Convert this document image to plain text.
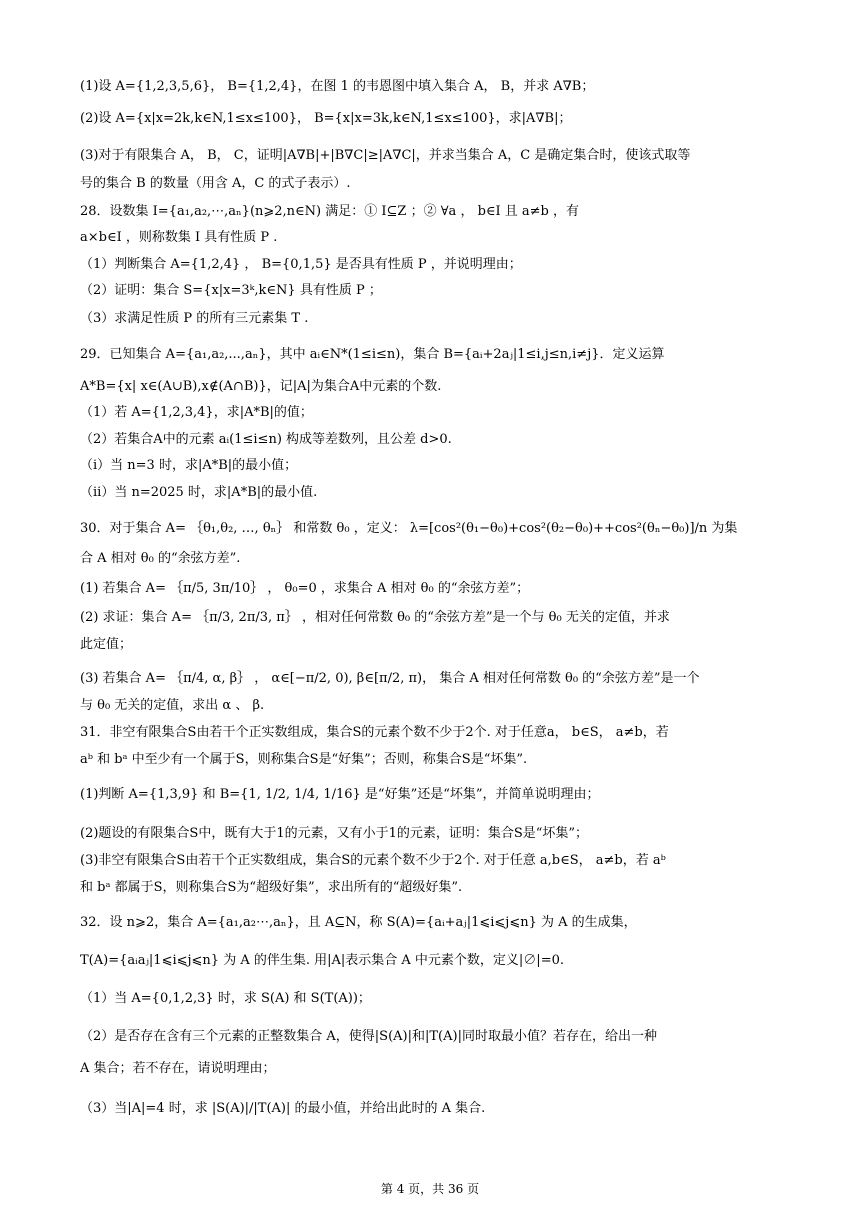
(1)设 A={1,2,3,5,6}， B={1,2,4}，在图 1 的韦恩图中填入集合 A， B，并求 A∇B；
(2)设 A={x|x=2k,k∈N,1≤x≤100}， B={x|x=3k,k∈N,1≤x≤100}，求|A∇B|；
(3)对于有限集合 A， B， C，证明|A∇B|+|B∇C|≥|A∇C|，并求当集合 A，C 是确定集合时，使该式取等
号的集合 B 的数量（用含 A，C 的式子表示）.
28．设数集 I={a₁,a₂,⋯,aₙ}(n⩾2,n∈N) 满足：① I⊆Z ；② ∀a ， b∈I 且 a≠b ，有
a×b∈I ，则称数集 I 具有性质 P .
（1）判断集合 A={1,2,4} ， B={0,1,5} 是否具有性质 P ，并说明理由；
（2）证明：集合 S={x|x=3ᵏ,k∈N} 具有性质 P ；
（3）求满足性质 P 的所有三元素集 T .
29．已知集合 A={a₁,a₂,...,aₙ}，其中 aᵢ∈N*(1≤i≤n)，集合 B={aᵢ+2aⱼ|1≤i,j≤n,i≠j}．定义运算
A*B={x| x∈(A∪B),x∉(A∩B)}，记|A|为集合A中元素的个数.
（1）若 A={1,2,3,4}，求|A*B|的值；
（2）若集合A中的元素 aᵢ(1≤i≤n) 构成等差数列，且公差 d>0.
（i）当 n=3 时，求|A*B|的最小值；
（ii）当 n=2025 时，求|A*B|的最小值.
30．对于集合 A= ｛θ₁,θ₂, …, θₙ｝ 和常数 θ₀ ，定义： λ=[cos²(θ₁−θ₀)+cos²(θ₂−θ₀)++cos²(θₙ−θ₀)]/n 为集
合 A 相对 θ₀ 的“余弦方差”.
(1) 若集合 A= ｛π/5, 3π/10｝ ， θ₀=0 ，求集合 A 相对 θ₀ 的“余弦方差”；
(2) 求证：集合 A= ｛π/3, 2π/3, π｝ ，相对任何常数 θ₀ 的“余弦方差”是一个与 θ₀ 无关的定值，并求
此定值；
(3) 若集合 A= ｛π/4, α, β｝ ， α∈[−π/2, 0), β∈[π/2, π)， 集合 A 相对任何常数 θ₀ 的“余弦方差”是一个
与 θ₀ 无关的定值，求出 α 、 β.
31．非空有限集合S由若干个正实数组成，集合S的元素个数不少于2个. 对于任意a， b∈S， a≠b，若
aᵇ 和 bᵃ 中至少有一个属于S，则称集合S是“好集”；否则，称集合S是“坏集”.
(1)判断 A={1,3,9} 和 B={1, 1/2, 1/4, 1/16} 是“好集”还是“坏集”，并简单说明理由；
(2)题设的有限集合S中，既有大于1的元素，又有小于1的元素，证明：集合S是“坏集”；
(3)非空有限集合S由若干个正实数组成，集合S的元素个数不少于2个. 对于任意 a,b∈S， a≠b，若 aᵇ
和 bᵃ 都属于S，则称集合S为“超级好集”，求出所有的“超级好集”.
32．设 n⩾2，集合 A={a₁,a₂⋯,aₙ}，且 A⊆N，称 S(A)={aᵢ+aⱼ|1⩽i⩽j⩽n} 为 A 的生成集，
T(A)={aᵢaⱼ|1⩽i⩽j⩽n} 为 A 的伴生集. 用|A|表示集合 A 中元素个数，定义|∅|=0.
（1）当 A={0,1,2,3} 时，求 S(A) 和 S(T(A))；
（2）是否存在含有三个元素的正整数集合 A，使得|S(A)|和|T(A)|同时取最小值？若存在，给出一种
A 集合；若不存在，请说明理由；
（3）当|A|=4 时，求 |S(A)|/|T(A)| 的最小值，并给出此时的 A 集合.
第 4 页，共 36 页
